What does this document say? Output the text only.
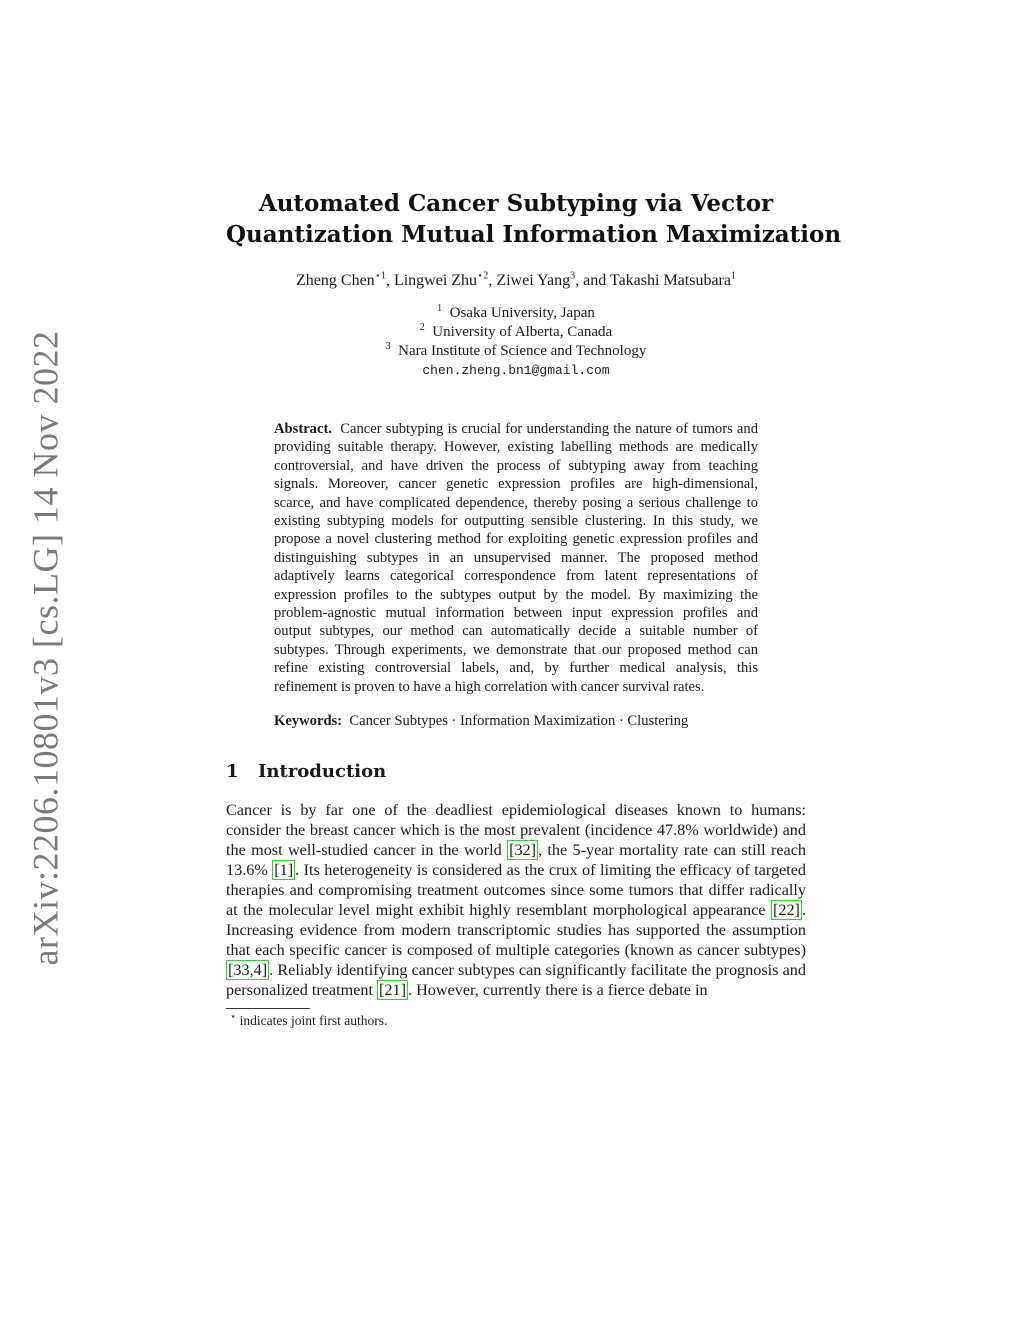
arXiv:2206.10801v3 [cs.LG] 14 Nov 2022
Automated Cancer Subtyping via Vector
Quantization Mutual Information Maximization
Zheng Chen$^{⋆1}$, Lingwei Zhu$^{⋆2}$, Ziwei Yang$^3$, and Takashi Matsubara$^1$
$^1$ Osaka University, Japan
$^2$ University of Alberta, Canada
$^3$ Nara Institute of Science and Technology
chen.zheng.bn1@gmail.com
Abstract. Cancer subtyping is crucial for understanding the nature of tumors and providing suitable therapy. However, existing labelling methods are medically controversial, and have driven the process of subtyping away from teaching signals. Moreover, cancer genetic expression profiles are high-dimensional, scarce, and have complicated dependence, thereby posing a serious challenge to existing subtyping models for outputting sensible clustering. In this study, we propose a novel clustering method for exploiting genetic expression profiles and distinguishing subtypes in an unsupervised manner. The proposed method adaptively learns categorical correspondence from latent representations of expression profiles to the subtypes output by the model. By maximizing the problem-agnostic mutual information between input expression profiles and output subtypes, our method can automatically decide a suitable number of subtypes. Through experiments, we demonstrate that our proposed method can refine existing controversial labels, and, by further medical analysis, this refinement is proven to have a high correlation with cancer survival rates.
Keywords: Cancer Subtypes · Information Maximization · Clustering
1 Introduction
Cancer is by far one of the deadliest epidemiological diseases known to humans: consider the breast cancer which is the most prevalent (incidence 47.8% worldwide) and the most well-studied cancer in the world [32] , the 5-year mortality rate can still reach 13.6% [1] . Its heterogeneity is considered as the crux of limiting the efficacy of targeted therapies and compromising treatment outcomes since some tumors that differ radically at the molecular level might exhibit highly resemblant morphological appearance [22] . Increasing evidence from modern transcriptomic studies has supported the assumption that each specific cancer is composed of multiple categories (known as cancer subtypes) [33,4] . Reliably identifying cancer subtypes can significantly facilitate the prognosis and personalized treatment [21] . However, currently there is a fierce debate in
⋆ indicates joint first authors.
